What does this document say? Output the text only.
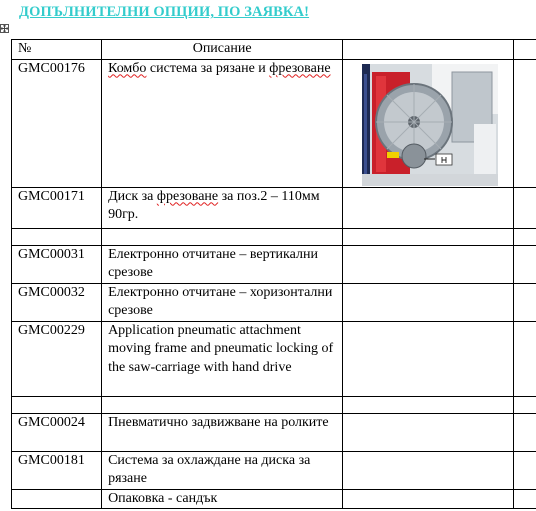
ДОПЪЛНИТЕЛНИ ОПЦИИ, ПО ЗАЯВКА!
№	Описание		
GMC00176	Комбо система за рязане и фрезоване	

GMC00171	Диск за фрезоване за поз.2 – 110мм 90гр.		

GMC00031	Електронно отчитане – вертикални срезове		
GMC00032	Електронно отчитане – хоризонтални срезове		
GMC00229	Application pneumatic attachment moving frame and pneumatic locking of the saw-carriage with hand drive		

GMC00024	Пневматично задвижване на ролките		
GMC00181	Система за охлаждане на диска за рязане		
	Опаковка - сандък		
